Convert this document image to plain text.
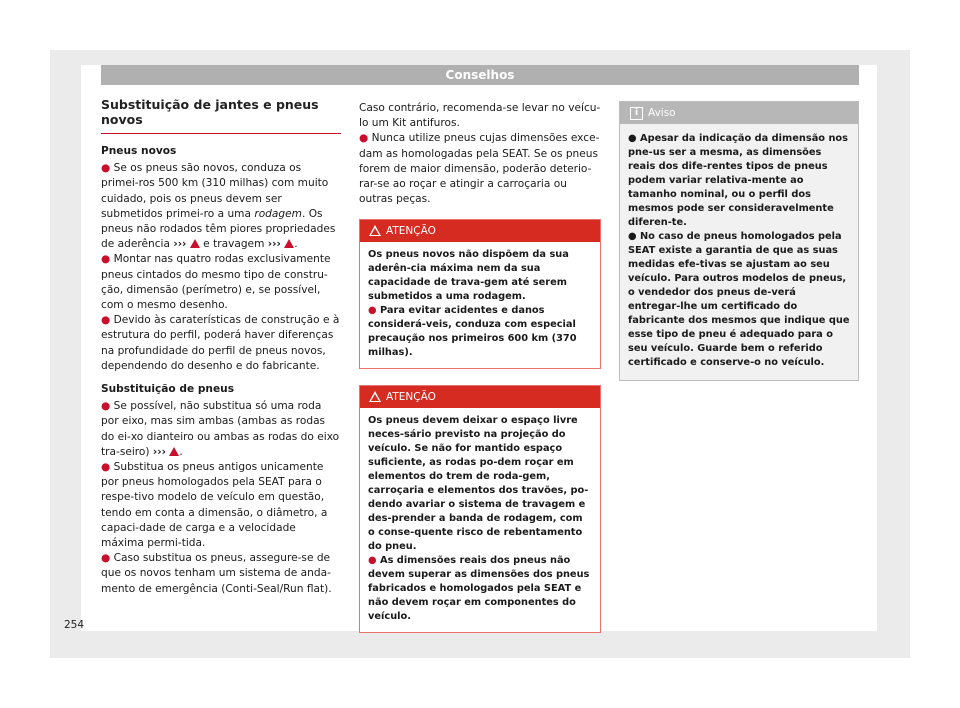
Conselhos
Substituição de jantes e pneus novos

Pneus novos

● Se os pneus são novos, conduza os primei-ros 500 km (310 milhas) com muito cuidado, pois os pneus devem ser submetidos primei-ro a uma rodagem. Os pneus não rodados têm piores propriedades de aderência ›››  e travagem ››› .

● Montar nas quatro rodas exclusivamente pneus cintados do mesmo tipo de constru-ção, dimensão (perímetro) e, se possível, com o mesmo desenho.

● Devido às caraterísticas de construção e à estrutura do perfil, poderá haver diferenças na profundidade do perfil de pneus novos, dependendo do desenho e do fabricante.

Substituição de pneus

● Se possível, não substitua só uma roda por eixo, mas sim ambas (ambas as rodas do ei-xo dianteiro ou ambas as rodas do eixo tra-seiro) ››› .

● Substitua os pneus antigos unicamente por pneus homologados pela SEAT para o respe-tivo modelo de veículo em questão, tendo em conta a dimensão, o diâmetro, a capaci-dade de carga e a velocidade máxima permi-tida.

● Caso substitua os pneus, assegure-se de que os novos tenham um sistema de anda-mento de emergência (Conti-Seal/Run flat).

Caso contrário, recomenda-se levar no veícu-lo um Kit antifuros.

● Nunca utilize pneus cujas dimensões exce-dam as homologadas pela SEAT. Se os pneus forem de maior dimensão, poderão deterio-rar-se ao roçar e atingir a carroçaria ou outras peças.

ATENÇÃO

Os pneus novos não dispõem da sua aderên-cia máxima nem da sua capacidade de trava-gem até serem submetidos a uma rodagem.

● Para evitar acidentes e danos considerá-veis, conduza com especial precaução nos primeiros 600 km (370 milhas).

ATENÇÃO

Os pneus devem deixar o espaço livre neces-sário previsto na projeção do veículo. Se não for mantido espaço suficiente, as rodas po-dem roçar em elementos do trem de roda-gem, carroçaria e elementos dos travões, po-dendo avariar o sistema de travagem e des-prender a banda de rodagem, com o conse-quente risco de rebentamento do pneu.

● As dimensões reais dos pneus não devem superar as dimensões dos pneus fabricados e homologados pela SEAT e não devem roçar em componentes do veículo.

i Aviso

● Apesar da indicação da dimensão nos pne-us ser a mesma, as dimensões reais dos dife-rentes tipos de pneus podem variar relativa-mente ao tamanho nominal, ou o perfil dos mesmos pode ser consideravelmente diferen-te.

● No caso de pneus homologados pela SEAT existe a garantia de que as suas medidas efe-tivas se ajustam ao seu veículo. Para outros modelos de pneus, o vendedor dos pneus de-verá entregar-lhe um certificado do fabricante dos mesmos que indique que esse tipo de pneu é adequado para o seu veículo. Guarde bem o referido certificado e conserve-o no veículo.

254
